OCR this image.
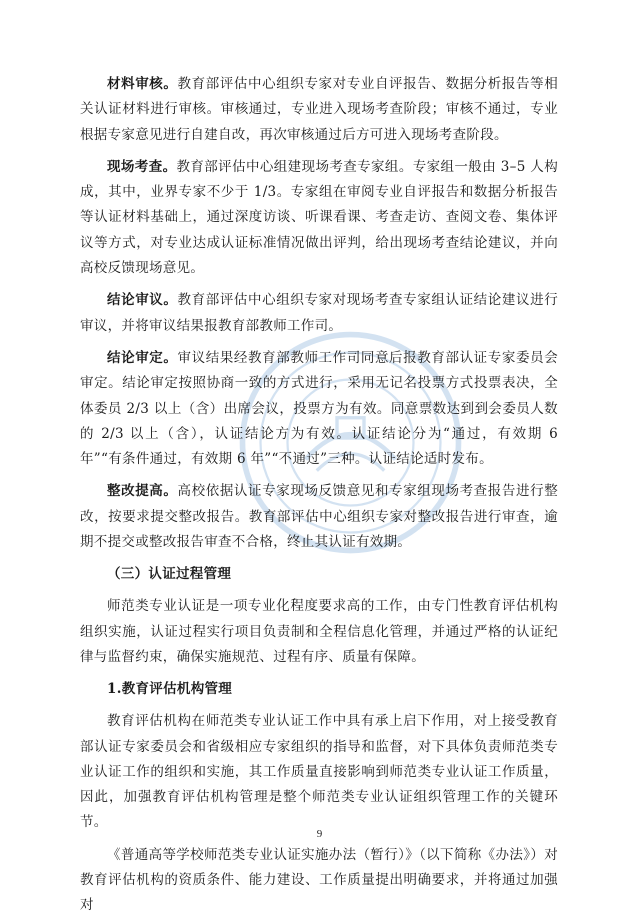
材料审核。教育部评估中心组织专家对专业自评报告、数据分析报告等相关认证材料进行审核。审核通过，专业进入现场考查阶段；审核不通过，专业根据专家意见进行自建自改，再次审核通过后方可进入现场考查阶段。

现场考查。教育部评估中心组建现场考查专家组。专家组一般由 3–5 人构成，其中，业界专家不少于 1/3。专家组在审阅专业自评报告和数据分析报告等认证材料基础上，通过深度访谈、听课看课、考查走访、查阅文卷、集体评议等方式，对专业达成认证标准情况做出评判，给出现场考查结论建议，并向高校反馈现场意见。

结论审议。教育部评估中心组织专家对现场考查专家组认证结论建议进行审议，并将审议结果报教育部教师工作司。

结论审定。审议结果经教育部教师工作司同意后报教育部认证专家委员会审定。结论审定按照协商一致的方式进行，采用无记名投票方式投票表决，全体委员 2/3 以上（含）出席会议，投票方为有效。同意票数达到到会委员人数的 2/3 以上（含），认证结论方为有效。认证结论分为“通过，有效期 6 年”“有条件通过，有效期 6 年”“不通过”三种。认证结论适时发布。

整改提高。高校依据认证专家现场反馈意见和专家组现场考查报告进行整改，按要求提交整改报告。教育部评估中心组织专家对整改报告进行审查，逾期不提交或整改报告审查不合格，终止其认证有效期。

（三）认证过程管理

师范类专业认证是一项专业化程度要求高的工作，由专门性教育评估机构组织实施，认证过程实行项目负责制和全程信息化管理，并通过严格的认证纪律与监督约束，确保实施规范、过程有序、质量有保障。

1.教育评估机构管理

教育评估机构在师范类专业认证工作中具有承上启下作用，对上接受教育部认证专家委员会和省级相应专家组织的指导和监督，对下具体负责师范类专业认证工作的组织和实施，其工作质量直接影响到师范类专业认证工作质量，因此，加强教育评估机构管理是整个师范类专业认证组织管理工作的关键环节。

《普通高等学校师范类专业认证实施办法（暂行）》（以下简称《办法》）对教育评估机构的资质条件、能力建设、工作质量提出明确要求，并将通过加强对

9
